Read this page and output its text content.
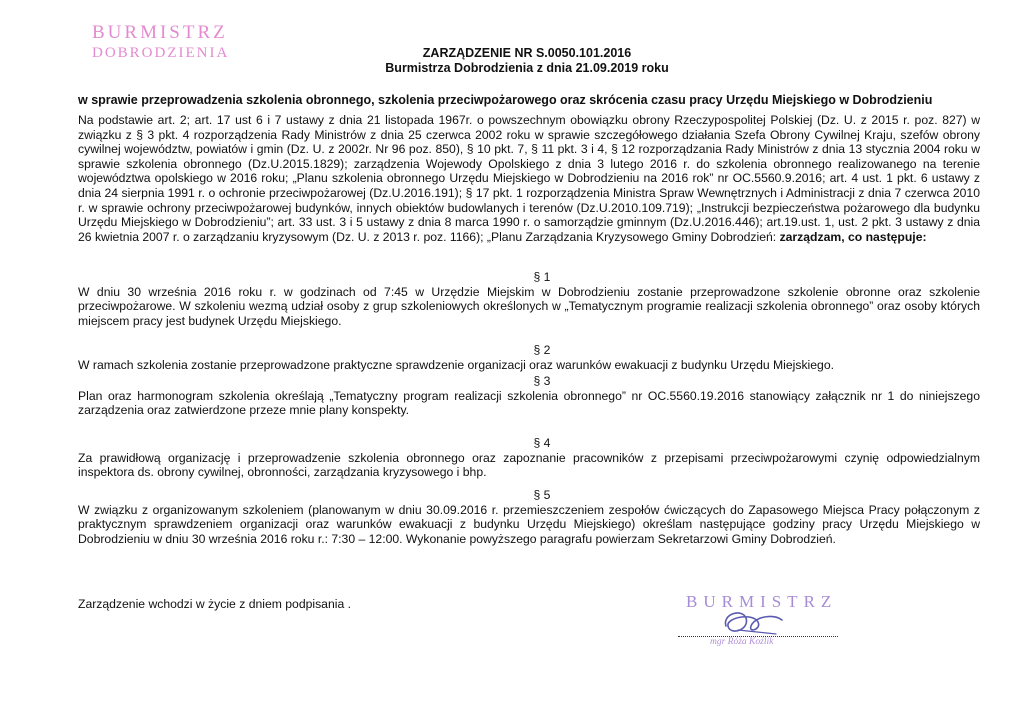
BURMISTRZ
DOBRODZIENIA	ZARZĄDZENIE NR S.0050.101.2016
Burmistrza Dobrodzienia z dnia 21.09.2019 roku
w sprawie przeprowadzenia szkolenia obronnego, szkolenia przeciwpożarowego oraz skrócenia czasu pracy Urzędu Miejskiego w Dobrodzieniu
Na podstawie art. 2; art. 17 ust 6 i 7 ustawy z dnia 21 listopada 1967r. o powszechnym obowiązku obrony Rzeczypospolitej Polskiej (Dz. U. z 2015 r. poz. 827) w związku z § 3 pkt. 4 rozporządzenia Rady Ministrów z dnia 25 czerwca 2002 roku w sprawie szczegółowego działania Szefa Obrony Cywilnej Kraju, szefów obrony cywilnej województw, powiatów i gmin (Dz. U. z 2002r. Nr 96 poz. 850), § 10 pkt. 7, § 11 pkt. 3 i 4, § 12 rozporządzania Rady Ministrów z dnia 13 stycznia 2004 roku w sprawie szkolenia obronnego (Dz.U.2015.1829); zarządzenia Wojewody Opolskiego z dnia 3 lutego 2016 r. do szkolenia obronnego realizowanego na terenie województwa opolskiego w 2016 roku; „Planu szkolenia obronnego Urzędu Miejskiego w Dobrodzieniu na 2016 rok” nr OC.5560.9.2016; art. 4 ust. 1 pkt. 6 ustawy z dnia 24 sierpnia 1991 r. o ochronie przeciwpożarowej (Dz.U.2016.191); § 17 pkt. 1 rozporządzenia Ministra Spraw Wewnętrznych i Administracji z dnia 7 czerwca 2010 r. w sprawie ochrony przeciwpożarowej budynków, innych obiektów budowlanych i terenów (Dz.U.2010.109.719); „Instrukcji bezpieczeństwa pożarowego dla budynku Urzędu Miejskiego w Dobrodzieniu”; art. 33 ust. 3 i 5 ustawy z dnia 8 marca 1990 r. o samorządzie gminnym (Dz.U.2016.446); art.19.ust. 1, ust. 2 pkt. 3 ustawy z dnia 26 kwietnia 2007 r. o zarządzaniu kryzysowym (Dz. U. z 2013 r. poz. 1166); „Planu Zarządzania Kryzysowego Gminy Dobrodzień: zarządzam, co następuje:
§ 1
W dniu 30 września 2016 roku r. w godzinach od 7:45 w Urzędzie Miejskim w Dobrodzieniu zostanie przeprowadzone szkolenie obronne oraz szkolenie przeciwpożarowe. W szkoleniu wezmą udział osoby z grup szkoleniowych określonych w „Tematycznym programie realizacji szkolenia obronnego” oraz osoby których miejscem pracy jest budynek Urzędu Miejskiego.
§ 2
W ramach szkolenia zostanie przeprowadzone praktyczne sprawdzenie organizacji oraz warunków ewakuacji z budynku Urzędu Miejskiego.
§ 3
Plan oraz harmonogram szkolenia określają „Tematyczny program realizacji szkolenia obronnego” nr OC.5560.19.2016 stanowiący załącznik nr 1 do niniejszego zarządzenia oraz zatwierdzone przeze mnie plany konspekty.
§ 4
Za prawidłową organizację i przeprowadzenie szkolenia obronnego oraz zapoznanie pracowników z przepisami przeciwpożarowymi czynię odpowiedzialnym inspektora ds. obrony cywilnej, obronności, zarządzania kryzysowego i bhp.
§ 5
W związku z organizowanym szkoleniem (planowanym w dniu 30.09.2016 r. przemieszczeniem zespołów ćwiczących do Zapasowego Miejsca Pracy połączonym z praktycznym sprawdzeniem organizacji oraz warunków ewakuacji z budynku Urzędu Miejskiego) określam następujące godziny pracy Urzędu Miejskiego w Dobrodzieniu w dniu 30 września 2016 roku r.: 7:30 – 12:00. Wykonanie powyższego paragrafu powierzam Sekretarzowi Gminy Dobrodzień.
Zarządzenie wchodzi w życie z dniem podpisania .	BURMISTRZ
mgr Róża Koźlik
